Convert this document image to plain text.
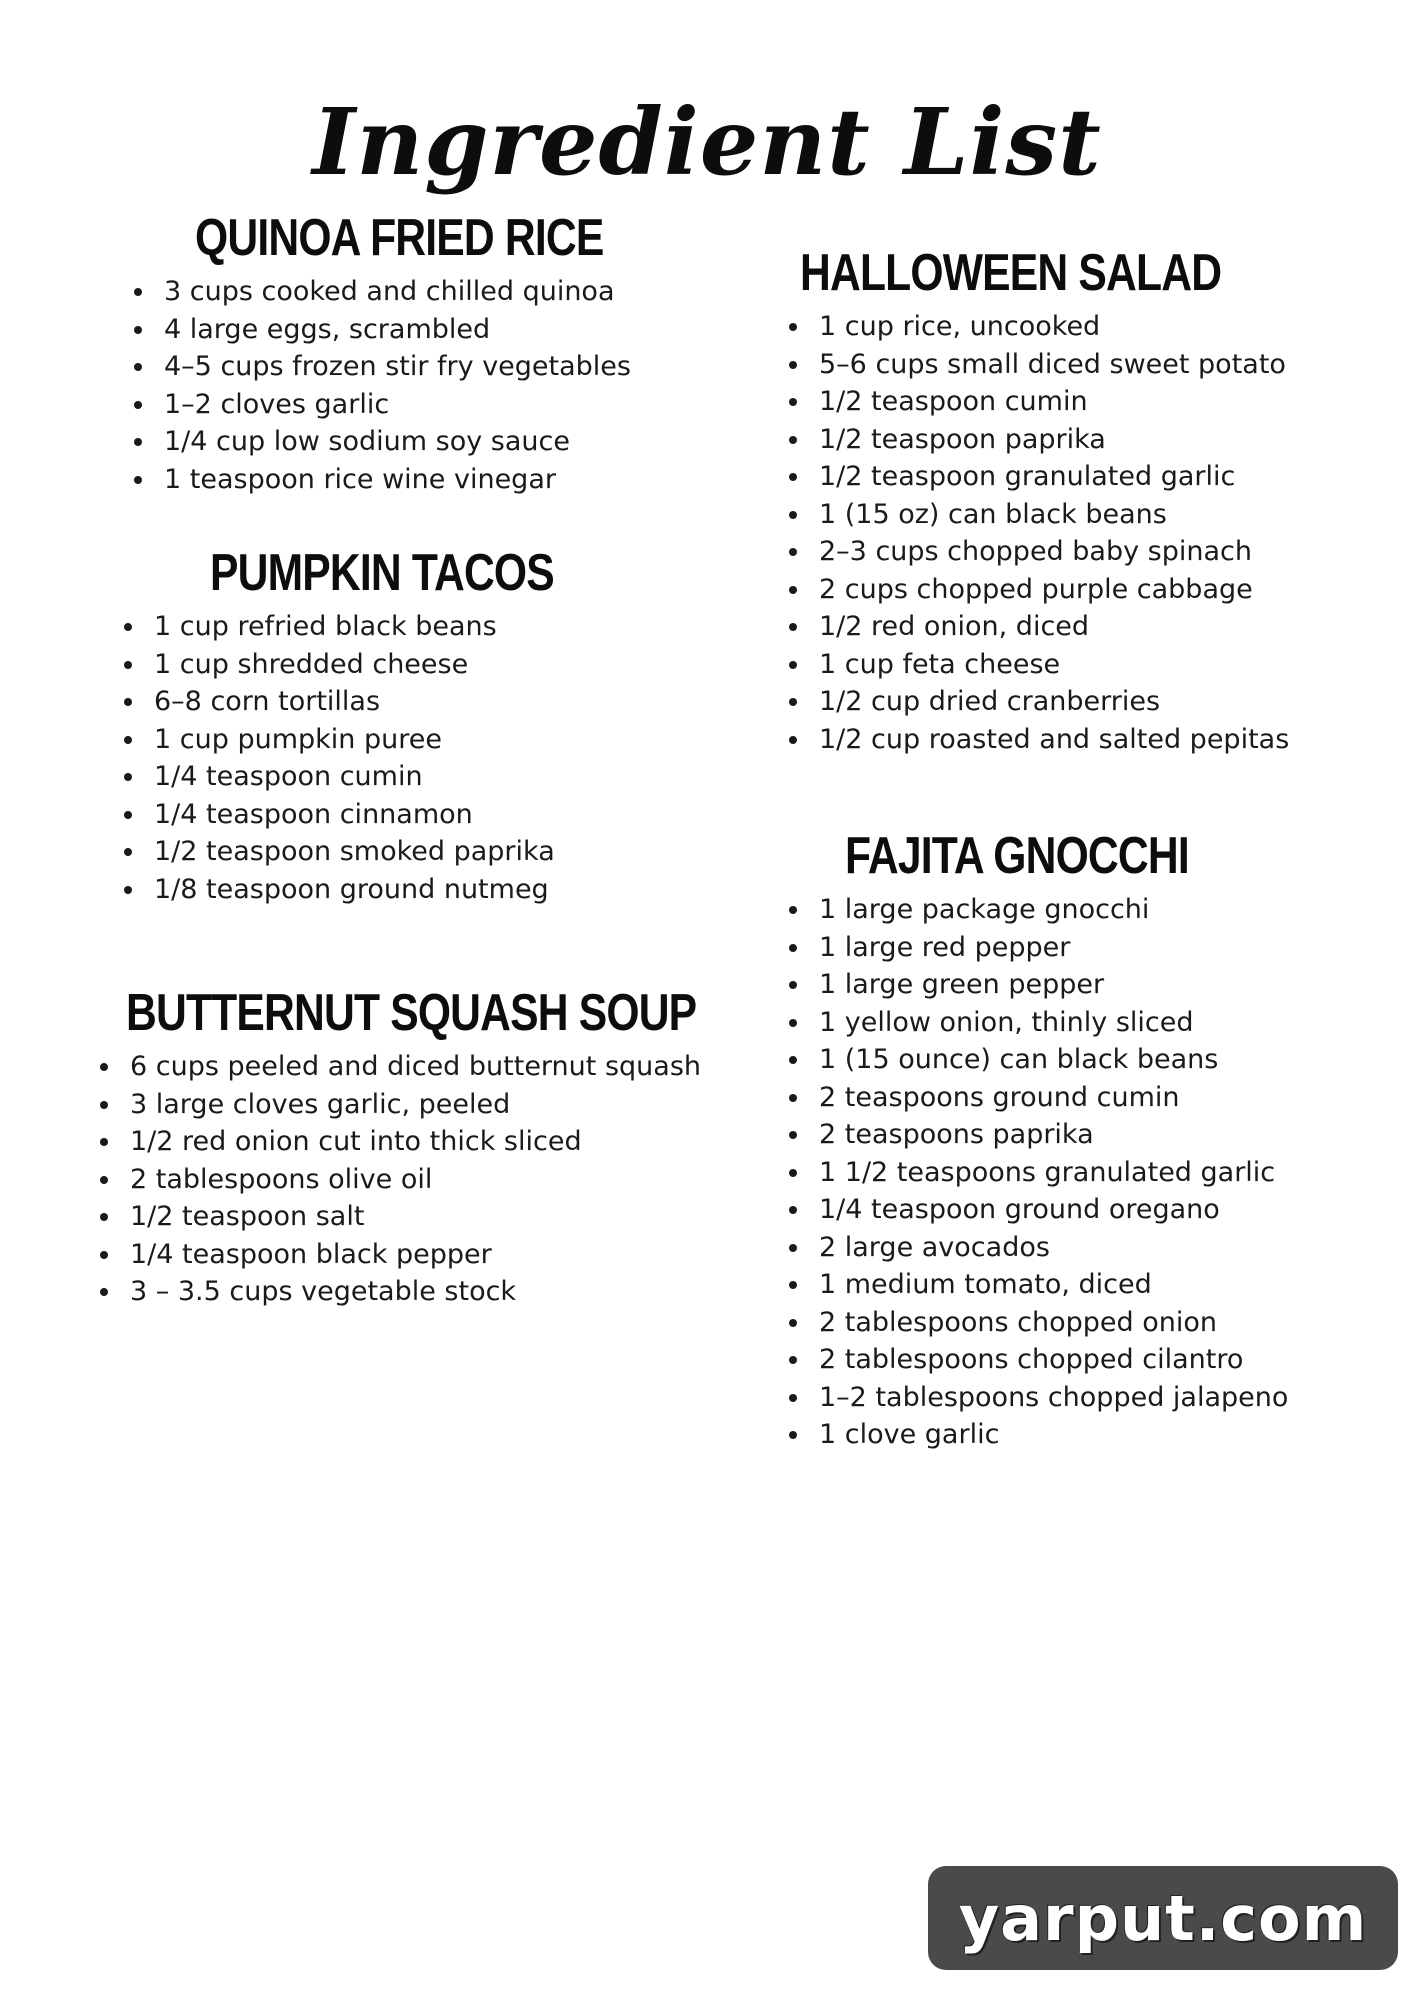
Ingredient List
QUINOA FRIED RICE
3 cups cooked and chilled quinoa
4 large eggs, scrambled
4–5 cups frozen stir fry vegetables
1–2 cloves garlic
1/4 cup low sodium soy sauce
1 teaspoon rice wine vinegar
PUMPKIN TACOS
1 cup refried black beans
1 cup shredded cheese
6–8 corn tortillas
1 cup pumpkin puree
1/4 teaspoon cumin
1/4 teaspoon cinnamon
1/2 teaspoon smoked paprika
1/8 teaspoon ground nutmeg
BUTTERNUT SQUASH SOUP
6 cups peeled and diced butternut squash
3 large cloves garlic, peeled
1/2 red onion cut into thick sliced
2 tablespoons olive oil
1/2 teaspoon salt
1/4 teaspoon black pepper
3 – 3.5 cups vegetable stock
HALLOWEEN SALAD
1 cup rice, uncooked
5–6 cups small diced sweet potato
1/2 teaspoon cumin
1/2 teaspoon paprika
1/2 teaspoon granulated garlic
1 (15 oz) can black beans
2–3 cups chopped baby spinach
2 cups chopped purple cabbage
1/2 red onion, diced
1 cup feta cheese
1/2 cup dried cranberries
1/2 cup roasted and salted pepitas
FAJITA GNOCCHI
1 large package gnocchi
1 large red pepper
1 large green pepper
1 yellow onion, thinly sliced
1 (15 ounce) can black beans
2 teaspoons ground cumin
2 teaspoons paprika
1 1/2 teaspoons granulated garlic
1/4 teaspoon ground oregano
2 large avocados
1 medium tomato, diced
2 tablespoons chopped onion
2 tablespoons chopped cilantro
1–2 tablespoons chopped jalapeno
1 clove garlic
yarput.com
